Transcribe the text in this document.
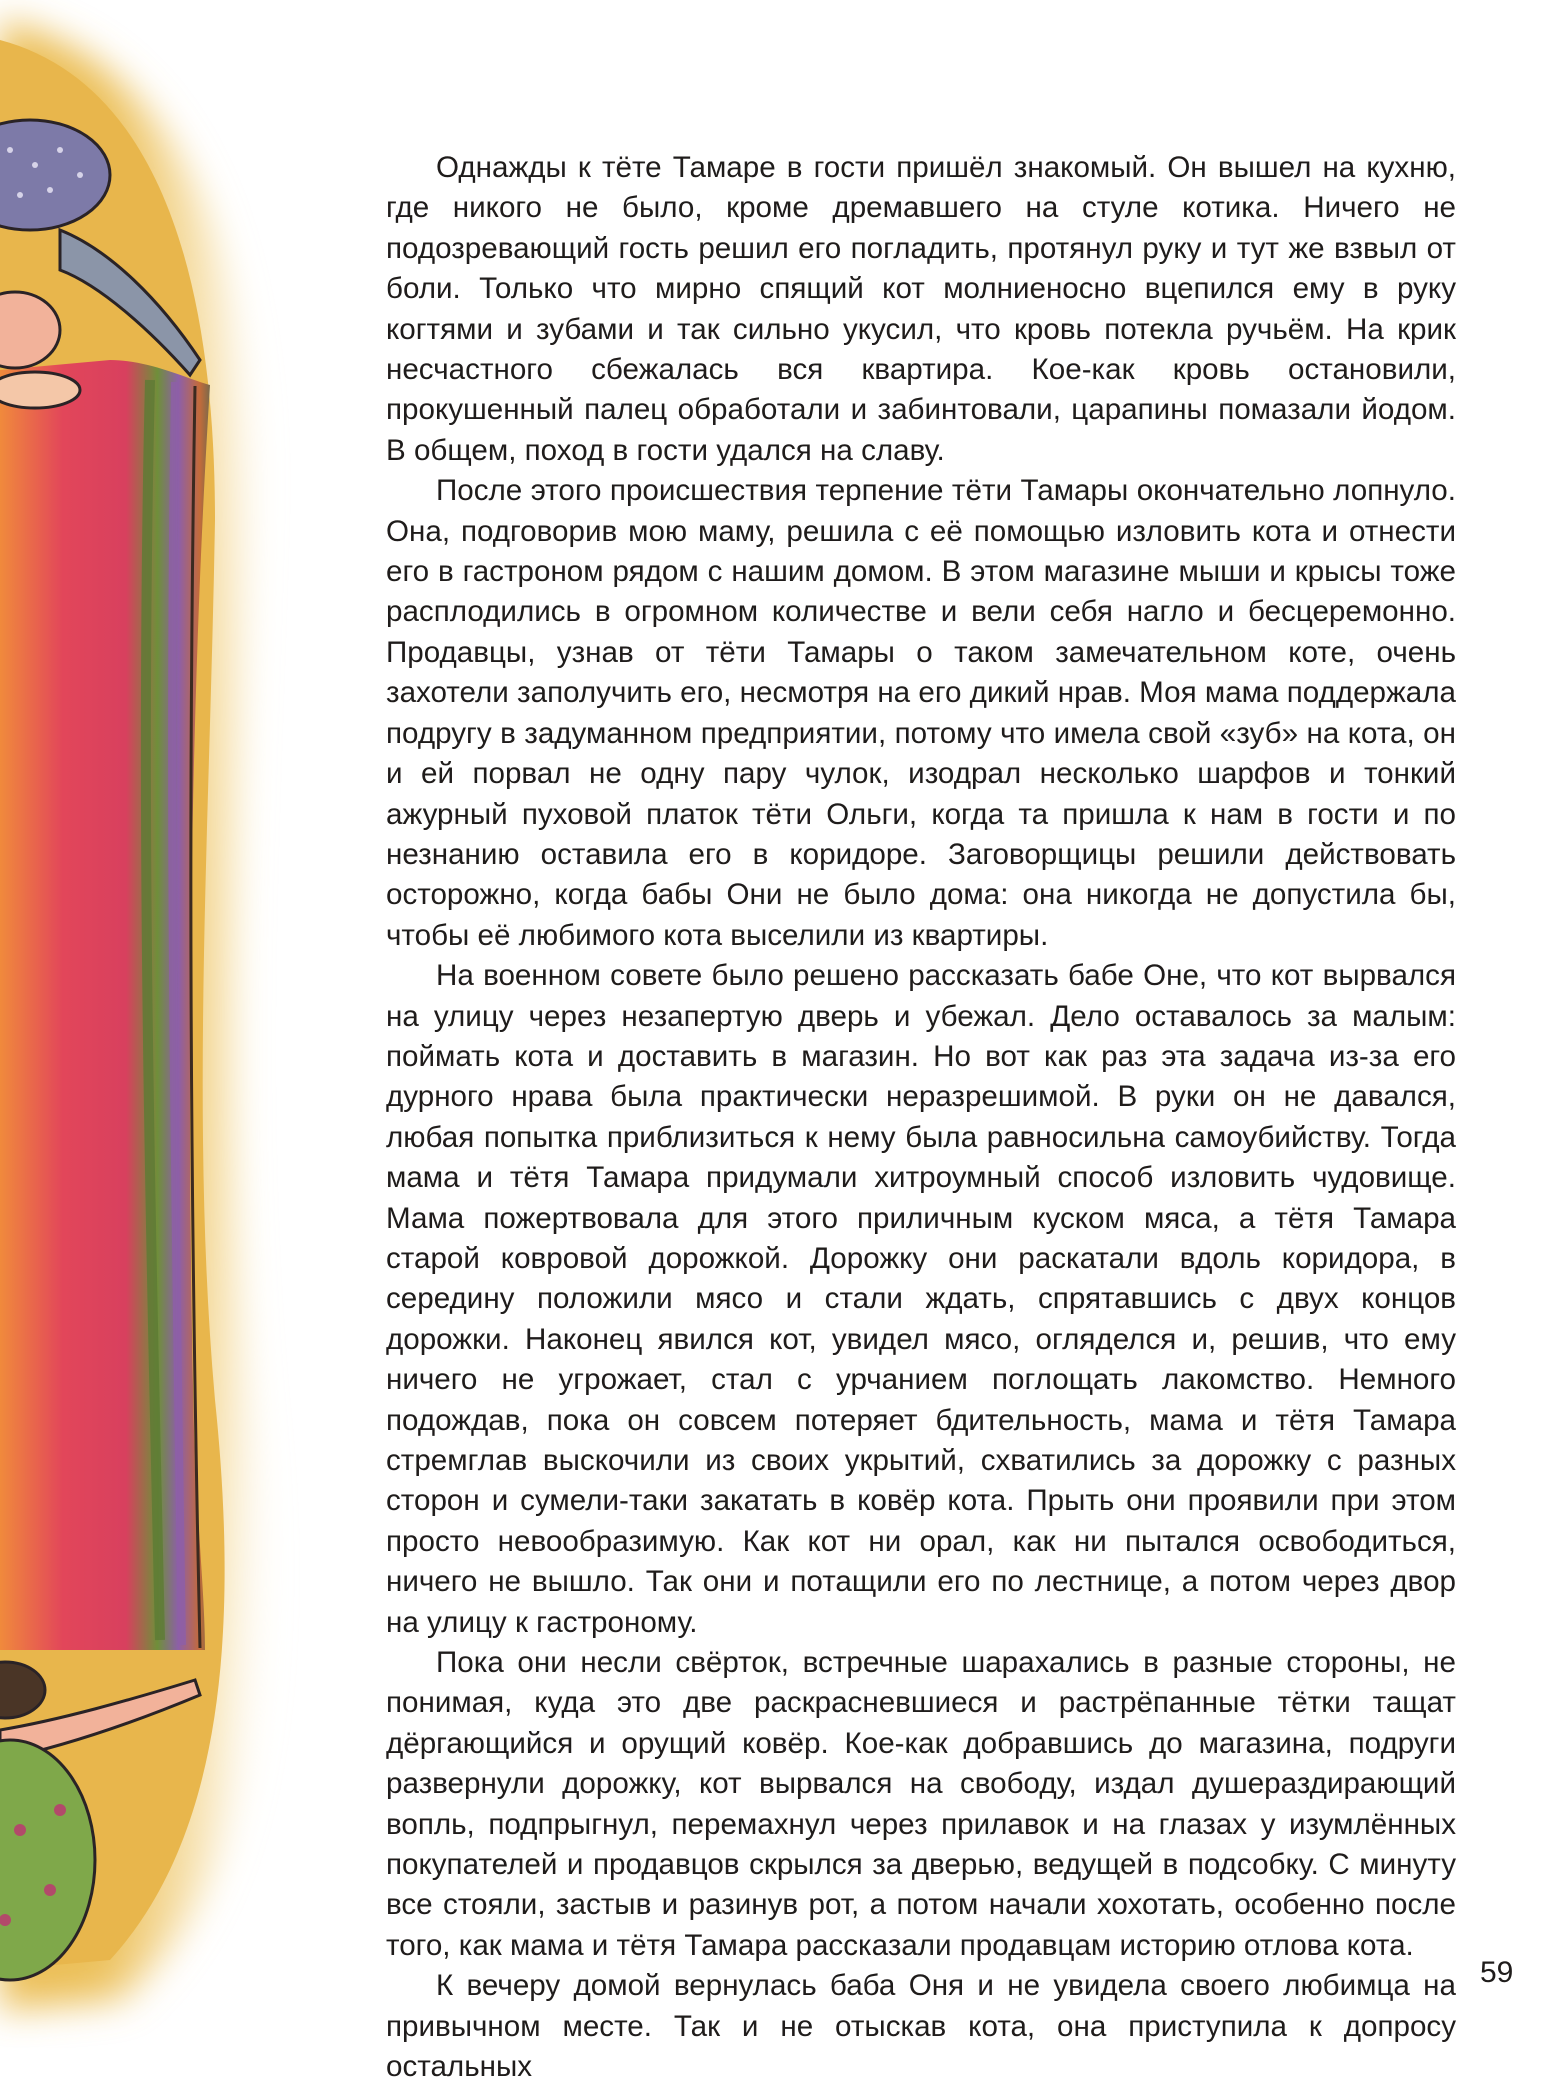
Однажды к тёте Тамаре в гости пришёл знакомый. Он вышел на кухню, где никого не было, кроме дремавшего на стуле котика. Ничего не подозревающий гость решил его погладить, протянул руку и тут же взвыл от боли. Только что мирно спящий кот молниеносно вцепился ему в руку когтями и зубами и так сильно укусил, что кровь потекла ручьём. На крик несчастного сбежалась вся квартира. Кое-как кровь остановили, прокушенный палец обработали и забинтовали, царапины помазали йодом. В общем, поход в гости удался на славу.

После этого происшествия терпение тёти Тамары окончательно лопнуло. Она, подговорив мою маму, решила с её помощью изловить кота и отнести его в гастроном рядом с нашим домом. В этом магазине мыши и крысы тоже расплодились в огромном количестве и вели себя нагло и бесцеремонно. Продавцы, узнав от тёти Тамары о таком замечательном коте, очень захотели заполучить его, несмотря на его дикий нрав. Моя мама поддержала подругу в задуманном предприятии, потому что имела свой «зуб» на кота, он и ей порвал не одну пару чулок, изодрал несколько шарфов и тонкий ажурный пуховой платок тёти Ольги, когда та пришла к нам в гости и по незнанию оставила его в коридоре. Заговорщицы решили действовать осторожно, когда бабы Они не было дома: она никогда не допустила бы, чтобы её любимого кота выселили из квартиры.

На военном совете было решено рассказать бабе Оне, что кот вырвался на улицу через незапертую дверь и убежал. Дело оставалось за малым: поймать кота и доставить в магазин. Но вот как раз эта задача из-за его дурного нрава была практически неразрешимой. В руки он не давался, любая попытка приблизиться к нему была равносильна самоубийству. Тогда мама и тётя Тамара придумали хитроумный способ изловить чудовище. Мама пожертвовала для этого приличным куском мяса, а тётя Тамара старой ковровой дорожкой. Дорожку они раскатали вдоль коридора, в середину положили мясо и стали ждать, спрятавшись с двух концов дорожки. Наконец явился кот, увидел мясо, огляделся и, решив, что ему ничего не угрожает, стал с урчанием поглощать лакомство. Немного подождав, пока он совсем потеряет бдительность, мама и тётя Тамара стремглав выскочили из своих укрытий, схватились за дорожку с разных сторон и сумели-таки закатать в ковёр кота. Прыть они проявили при этом просто невообразимую. Как кот ни орал, как ни пытался освободиться, ничего не вышло. Так они и потащили его по лестнице, а потом через двор на улицу к гастроному.

Пока они несли свёрток, встречные шарахались в разные стороны, не понимая, куда это две раскрасневшиеся и растрёпанные тётки тащат дёргающийся и орущий ковёр. Кое-как добравшись до магазина, подруги развернули дорожку, кот вырвался на свободу, издал душераздирающий вопль, подпрыгнул, перемахнул через прилавок и на глазах у изумлённых покупателей и продавцов скрылся за дверью, ведущей в подсобку. С минуту все стояли, застыв и разинув рот, а потом начали хохотать, особенно после того, как мама и тётя Тамара рассказали продавцам историю отлова кота.

К вечеру домой вернулась баба Оня и не увидела своего любимца на привычном месте. Так и не отыскав кота, она приступила к допросу остальных

59
